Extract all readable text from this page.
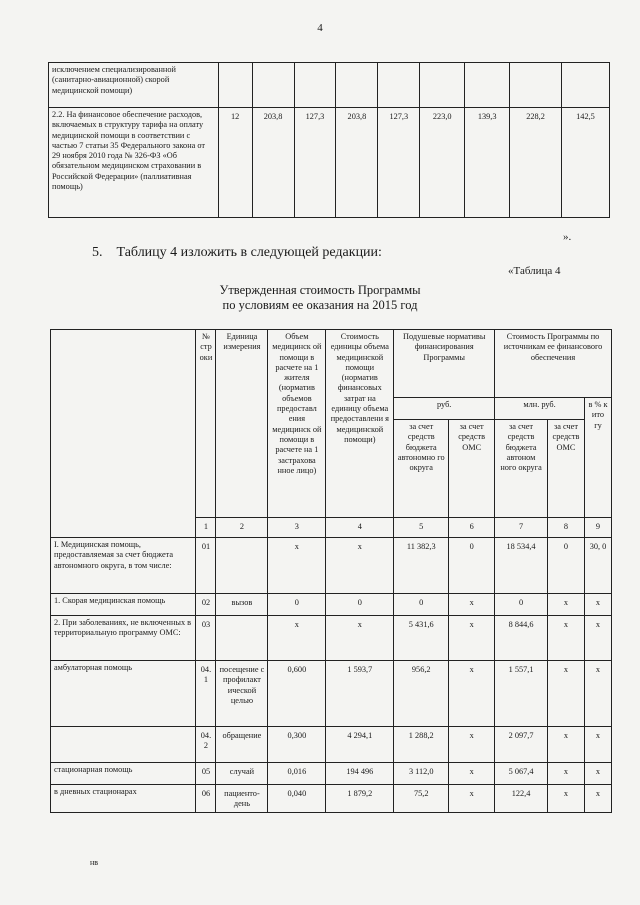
4
исключением специализированной (санитарно-авиационной) скорой медицинской помощи)									
2.2. На финансовое обеспечение расходов, включаемых в структуру тарифа на оплату медицинской помощи в соответствии с частью 7 статьи 35 Федерального закона от 29 ноября 2010 года № 326-ФЗ «Об обязательном медицинском страховании в Российской Федерации» (паллиативная помощь)	12	203,8	127,3	203,8	127,3	223,0	139,3	228,2	142,5
».
5. Таблицу 4 изложить в следующей редакции:
«Таблица 4
Утвержденная стоимость Программы
по условиям ее оказания на 2015 год
	№ стр оки	Единица измерения	Объем медицинск ой помощи в расчете на 1 жителя (норматив объемов предоставл ения медицинск ой помощи в расчете на 1 застрахова нное лицо)	Стоимость единицы объема медицинской помощи (норматив финансовых затрат на единицу объема предоставлени я медицинской помощи)	Подушевые нормативы финансирования Программы		Стоимость Программы по источникам ее финансового обеспечения		
					руб.		млн. руб.		в % к ито гу
					за счет средств бюджета автономно го округа	за счет средств ОМС	за счет средств бюджета автоном ного округа	за счет средств ОМС	
	1	2	3	4	5	6	7	8	9
I. Медицинская помощь, предоставляемая за счет бюджета автономного округа, в том числе:	01		x	x	11 382,3	0	18 534,4	0	30, 0
1. Скорая медицинская помощь	02	вызов	0	0	0	x	0	x	x
2. При заболеваниях, не включенных в территориальную программу ОМС:	03		x	x	5 431,6	x	8 844,6	x	x
амбулаторная помощь	04. 1	посещение с профилакт ической целью	0,600	1 593,7	956,2	x	1 557,1	x	x
	04. 2	обращение	0,300	4 294,1	1 288,2	x	2 097,7	x	x
стационарная помощь	05	случай	0,016	194 496	3 112,0	x	5 067,4	x	x
в дневных стационарах	06	пациенто- день	0,040	1 879,2	75,2	x	122,4	x	x
нв
